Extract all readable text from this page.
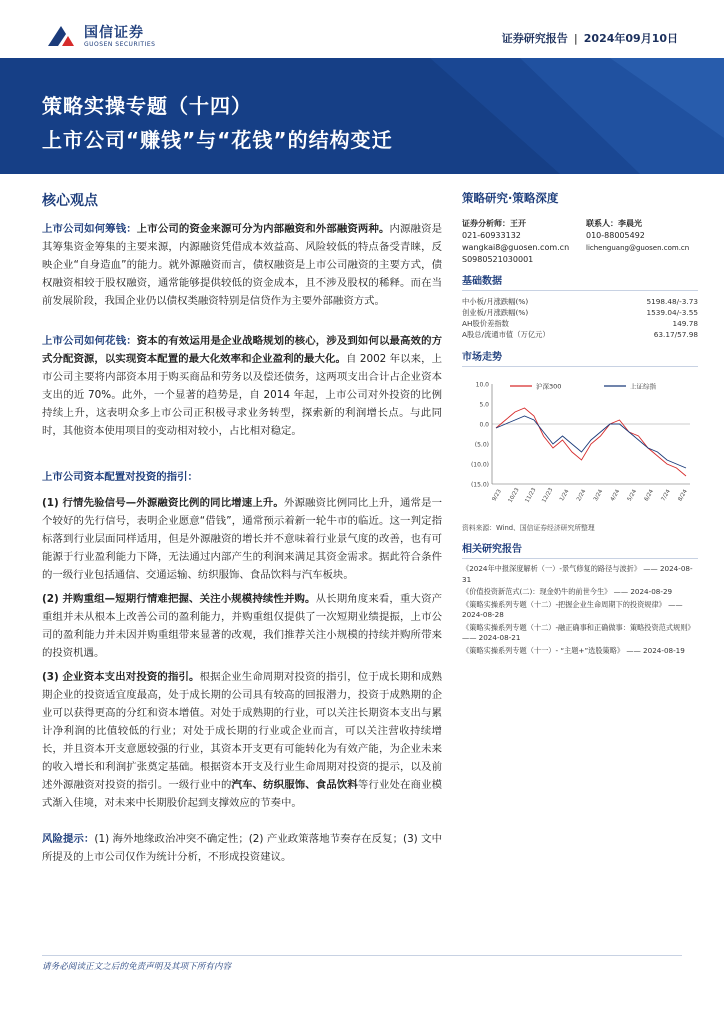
国信证券
GUOSEN SECURITIES	证券研究报告 | 2024年09月10日
策略实操专题（十四）
上市公司“赚钱”与“花钱”的结构变迁
核心观点

上市公司如何筹钱：上市公司的资金来源可分为内部融资和外部融资两种。内源融资是其筹集资金筹集的主要来源，内源融资凭借成本效益高、风险较低的特点备受青睐，反映企业“自身造血”的能力。就外源融资而言，债权融资是上市公司融资的主要方式，债权融资相较于股权融资，通常能够提供较低的资金成本，且不涉及股权的稀释。而在当前发展阶段，我国企业仍以债权类融资特别是信贷作为主要外部融资方式。

上市公司如何花钱：资本的有效运用是企业战略规划的核心，涉及到如何以最高效的方式分配资源，以实现资本配置的最大化效率和企业盈利的最大化。自 2002 年以来，上市公司主要将内部资本用于购买商品和劳务以及偿还债务，这两项支出合计占企业资本支出的近 70%。此外，一个显著的趋势是，自 2014 年起，上市公司对外投资的比例持续上升，这表明众多上市公司正积极寻求业务转型，探索新的利润增长点。与此同时，其他资本使用项目的变动相对较小，占比相对稳定。

上市公司资本配置对投资的指引：

(1) 行情先验信号—外源融资比例的同比增速上升。外源融资比例同比上升，通常是一个较好的先行信号，表明企业愿意“借钱”，通常预示着新一轮牛市的临近。这一判定指标落到行业层面同样适用，但是外源融资的增长并不意味着行业景气度的改善，也有可能源于行业盈利能力下降，无法通过内部产生的利润来满足其资金需求。据此符合条件的一级行业包括通信、交通运输、纺织服饰、食品饮料与汽车板块。

(2) 并购重组—短期行情难把握、关注小规模持续性并购。从长期角度来看，重大资产重组并未从根本上改善公司的盈利能力，并购重组仅提供了一次短期业绩提振，上市公司的盈利能力并未因并购重组带来显著的改观，我们推荐关注小规模的持续并购所带来的投资机遇。

(3) 企业资本支出对投资的指引。根据企业生命周期对投资的指引，位于成长期和成熟期企业的投资适宜度最高，处于成长期的公司具有较高的回报潜力，投资于成熟期的企业可以获得更高的分红和资本增值。对处于成熟期的行业，可以关注长期资本支出与累计净利润的比值较低的行业；对处于成长期的行业或企业而言，可以关注营收持续增长，并且资本开支意愿较强的行业，其资本开支更有可能转化为有效产能，为企业未来的收入增长和利润扩张奠定基础。根据资本开支及行业生命周期对投资的提示，以及前述外源融资对投资的指引。一级行业中的汽车、纺织服饰、食品饮料等行业处在商业模式渐入佳境，对未来中长期股价起到支撑效应的节奏中。

风险提示：(1) 海外地缘政治冲突不确定性；(2) 产业政策落地节奏存在反复；(3) 文中所提及的上市公司仅作为统计分析，不形成投资建议。

策略研究·策略深度
证券分析师：王开
021-60933132
wangkai8@guosen.com.cn
S0980521030001
联系人：李晨光
010-88005492
lichenguang@guosen.com.cn
基础数据
中小板/月涨跌幅(%)	5198.48/-3.73
创业板/月涨跌幅(%)	1539.04/-3.55
AH股价差指数	149.78
A股总/流通市值（万亿元）	63.17/57.98
市场走势
(15.0)
(10.0)
(5.0)
0.0
5.0
10.0
9/23 10/23 11/23 12/23 1/24 2/24 3/24 4/24 5/24 6/24 7/24 8/24
沪深300	上证综指
资料来源：Wind、国信证券经济研究所整理
相关研究报告
《2024年中报深度解析（一）-景气修复的路径与波折》 —— 2024-08-31
《价值投资新范式(二)：现金奶牛的前世今生》 —— 2024-08-29
《策略实操系列专题（十二）-把握企业生命周期下的投资规律》 —— 2024-08-28
《策略实操系列专题（十二）-融正确事和正确做事：策略投资范式规则》 —— 2024-08-21
《策略实操系列专题（十一）- “主题+”选股策略》 —— 2024-08-19
请务必阅读正文之后的免责声明及其项下所有内容
